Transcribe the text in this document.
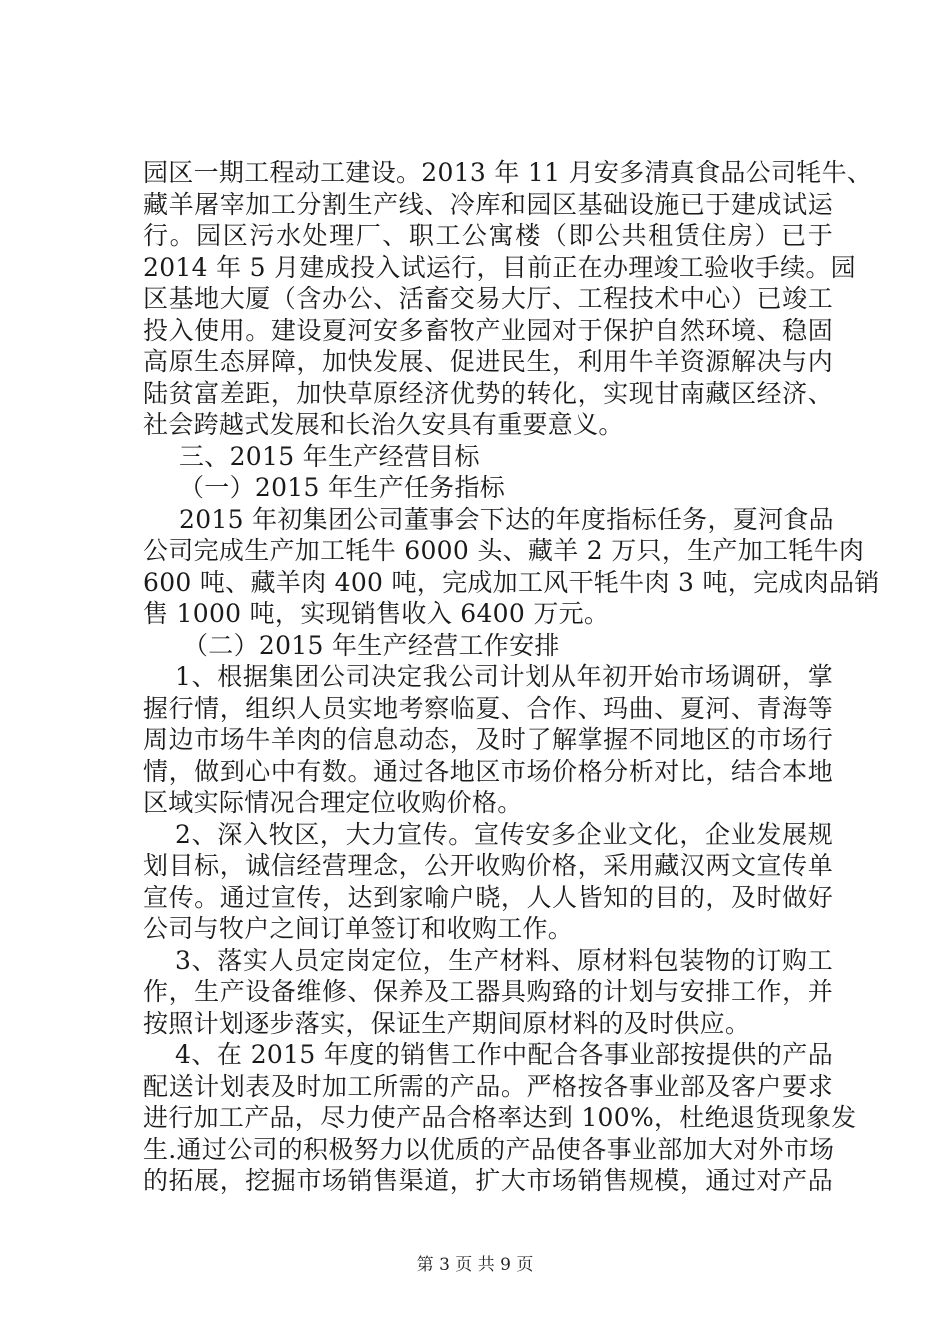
园区一期工程动工建设。2013 年 11 月安多清真食品公司牦牛、
藏羊屠宰加工分割生产线、冷库和园区基础设施已于建成试运
行。园区污水处理厂、职工公寓楼（即公共租赁住房）已于
2014 年 5 月建成投入试运行，目前正在办理竣工验收手续。园
区基地大厦（含办公、活畜交易大厅、工程技术中心）已竣工
投入使用。建设夏河安多畜牧产业园对于保护自然环境、稳固
高原生态屏障，加快发展、促进民生，利用牛羊资源解决与内
陆贫富差距，加快草原经济优势的转化，实现甘南藏区经济、
社会跨越式发展和长治久安具有重要意义。
三、2015 年生产经营目标
（一）2015 年生产任务指标
2015 年初集团公司董事会下达的年度指标任务，夏河食品
公司完成生产加工牦牛 6000 头、藏羊 2 万只，生产加工牦牛肉
600 吨、藏羊肉 400 吨，完成加工风干牦牛肉 3 吨，完成肉品销
售 1000 吨，实现销售收入 6400 万元。
（二）2015 年生产经营工作安排
1、根据集团公司决定我公司计划从年初开始市场调研，掌
握行情，组织人员实地考察临夏、合作、玛曲、夏河、青海等
周边市场牛羊肉的信息动态，及时了解掌握不同地区的市场行
情，做到心中有数。通过各地区市场价格分析对比，结合本地
区域实际情况合理定位收购价格。
2、深入牧区，大力宣传。宣传安多企业文化，企业发展规
划目标，诚信经营理念，公开收购价格，采用藏汉两文宣传单
宣传。通过宣传，达到家喻户晓，人人皆知的目的，及时做好
公司与牧户之间订单签订和收购工作。
3、落实人员定岗定位，生产材料、原材料包装物的订购工
作，生产设备维修、保养及工器具购臵的计划与安排工作，并
按照计划逐步落实，保证生产期间原材料的及时供应。
4、在 2015 年度的销售工作中配合各事业部按提供的产品
配送计划表及时加工所需的产品。严格按各事业部及客户要求
进行加工产品，尽力使产品合格率达到 100%，杜绝退货现象发
生.通过公司的积极努力以优质的产品使各事业部加大对外市场
的拓展，挖掘市场销售渠道，扩大市场销售规模，通过对产品
第 3 页 共 9 页
